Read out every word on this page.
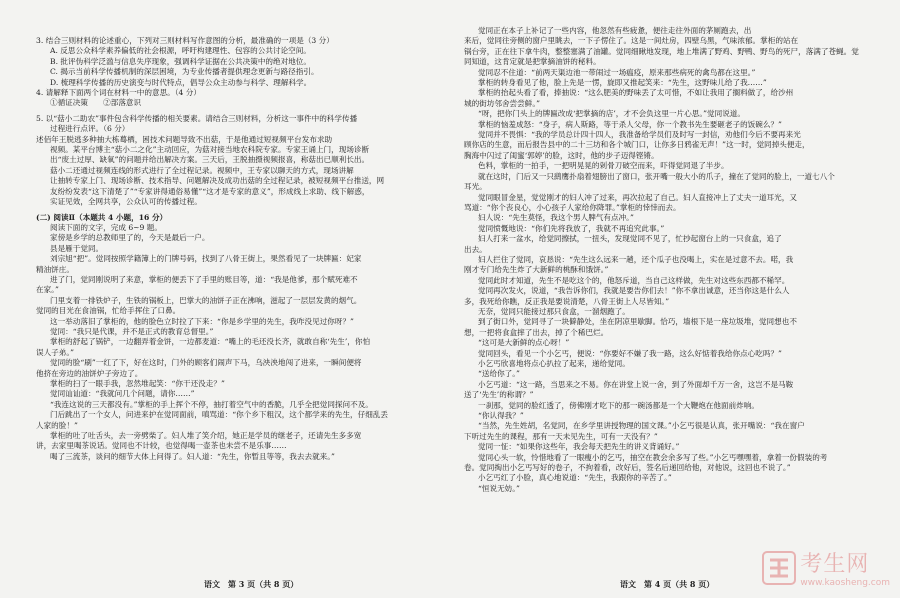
3. 结合三则材料的论述重心，下列对三则材料写作意图的分析，最准确的一项是（3 分）
A. 反思公众科学素养偏低的社会根源，呼吁构建理性、包容的公共讨论空间。
B. 批评伪科学泛滥与信息失序现象，强调科学证据在公共决策中的绝对地位。
C. 揭示当前科学传播机制的深层困境，为专业传播者提供理念更新与路径指引。
D. 梳理科学传播的历史演变与时代特点，倡导公众主动参与科学、理解科学。
4. 请解释下面两个词在材料一中的意思。（4 分）
①循证决策　　②部落意识
5. 以“菇小二助农”事件包含科学传播的相关要素。请结合三则材料，分析这一事件中的科学传播
过程进行点评。（6 分）
述佰年王脱逃多种抽大栋蓦栖，困技术问题导致不出菇，于是他通过短视频平台发布求助
视频。某平台博主“菇小二之化”主动回应，为菇对接当地农科院专家。专家王诵上门，现场诊断
出“废土过厚、缺氧”的问题并给出解决方案。三天后，王脱抽摄视频报喜，称菇出已顺利长出。
菇小二还通过视频连线的形式进行了全过程记录。视频中，王专家以聊天的方式，现场讲解
让抽转专家上门、现场诊断、技术指导、问题解决及成功出菇的全过程记录，被短视频平台推送，网
友纷纷发表“这下清楚了”“专家讲得通俗易懂”“这才是专家的意义”，形成线上求助、线下解惑，
实证见效，全网共享，公众认可的传播过程。
(二) 阅读Ⅱ（本题共 4 小题，16 分）
阅读下面的文字，完成 6~9 题。
家傍是乡学的总教师里了的，今天是最后一户。
县是雁于觉同。
刘宗旭“把”。觉同按照学籍簿上的门牌号码，找到了八骨王街上，果然看见了一块牌匾：妃家
精油饼庄。
进了门，觉同刚说明了来意，掌柜的便丢下了手里的账目等，道：“我是他爹，那个赋死难不
在家。”
门里支着一排铁炉子，生铁的锅板上，巴掌大的油饼子正在沸响，滋起了一层层发黄的烟气。
觉同的目光在食油锅，忙给手挥住了口鼻。
这一举动落旧了掌柜的，他的脸色立时拉了下来：“你是乡学里的先生，我咋没见过你呀？”
觉同：“我只是代课，并不是正式的教育总督里。”
掌柜的舒起了锅铲，一边翻弄着金饼，一边都麦道：“嘴上的毛还没长齐，就敢自称‘先生’，你怕
误人子弟。”
觉同的脸“刷”一红了下，好在这时，门外的顾客们闹声下马，乌泱泱地闯了进来，一瞬间便将
他挤在旁边的油饼炉子旁边了。
掌柜的扫了一眼手我，忽然堆起笑：“你干还没走？”
觉同讪讪道：“我就问几个问题，请你……”
“我连这说的三天都没有。”掌柜的手上挥个不停，抽打着空气中的香脆，几乎全把觉同探问不及。
门后跳出了一个女人，问进来护在觉同面前，嗔骂道：“你个乡下粗汉，这个都学来的先生，仔细乱丢
人家的脸！”
掌柜的吐了吐舌头，去一旁劈柴了。妇人堆了笑介绍，她正是学员的继老子，还请先生多多宽
讲，去家里喝茶说话。觉同也不计较，也觉得喝一壶茶也未尝不是乐事……
喝了三流茶，谈问的细节大体上问得了。妇人道：“先生，你暂且等等，我去去就来。”
语文　第 3 页（共 8 页）
觉同正在本子上补记了一些内容，他忽然有些疲惫，便往走往外面的茅厕跑去，出
来后，觉同往旁侧的窗户里眺去，一下子愣住了。这是一间灶房，四壁乌黑，气味浓郁。掌柜的站在
锅台旁，正在往下拿牛肉，整整塞满了油罐。觉同细瞅地发现，地上堆满了野鸡、野鸭、野鸟的死尸，落满了苍蝇。觉
同知道，这肯定就是把掌摘油饼的秘料。
觉同忍不住道：“前两天渠边池一带闹过一场瘟疫，原来那些病死的禽鸟都在这里。”
掌柜的转身看见了他，脸上先是一愣，旋即又推起笑来：“先生，这野味儿给了我……”
掌柜的抬起头看了看，捧抽说：“这么肥美的野味丢了太可惜，不如让我用了搁料做了，给沙州
城的街坊邻舍尝尝鲜。”
“呀，把你门头上的牌匾改成‘把掌摘的店’，才不会负这里一片心思。”觉同说道。
掌柜的恼羞成怒：“身子，病人斯路，等于杀人父母，你一个教书先生要砸老子的饭碗么？”
觉同并不畏惧：“我的学员总计四十四人，我准备给学员们及时写一封信，劝他们今后不要再来光
顾你店的生意，而后报告县中的二十三坊和各个城门口，让你多日鸦雀无声！”这一时，觉同掉头便走，
胸海中闪过了闺蜜‘郭婷’的脸，这时，他的步子迈得铿锵。
色料，掌柜的一拍手，一把明晃晃的剁骨刀破空而来，吓得觉同退了半步。
就在这时，门后又一只鹞鹰扑扇着翅膀出了窗口，张开嘴一般大小的爪子，撞在了觉同的脸上，一道七八个
耳光。
觉同眼冒金星，觉觉刚才的妇人冲了过来，再次拉起了自己。妇人直接冲上了丈夫一道耳光，又
骂道：“你个丧良心，小心孩子人家给你降罪。”掌柜的悻悻而去。
妇人说：“先生莫怪，我这个男人脾气有点冲。”
觉同愤慨地说：“你们先将我放了，我就不再追究此事。”
妇人打来一盆水，给觉同擦拭，一扭头，发现觉同不见了，忙抄起窗台上的一只食盒，追了
出去。
妇人拦住了觉同，哀恳说：“先生这么远来一趟，还个瓜子也没喝上，实在是过意不去。喏，我
刚才专门给先生炸了大新鲜的桃酥和饿饼。”
觉同此时才知道，先生不是吃这个的，他怒斥道，当自己这样做，先生对这些东西都不稀罕。
觉同再次发火，说道，“我告诉你们，我就是要告你们去！”你不拿出诚意，还当你这是什么人
多，我死给你瞧，反正我是要说清楚，八骨王街上人尽皆知。”
无奈，觉同只能接过那只食盒，一溜烟跑了。
到了街口外，觉同寻了一块僻静处，坐在阴凉里歇脚。恰巧，墙根下是一座垃圾堆，觉同想也不
想，一把将食盒摔了出去，掉了个稀巴烂。
“这可是大新鲜的点心呀！”
觉同回头，看见一个小乞丐，便说：“你要好不嫌了我一路，这么好惦着我给你点心吃吗？”
小乞丐欣喜地将点心扒拉了起来，递给觉同。
“送给你了。”
小乞丐道：“这一路，当思来之不易。你在讲堂上说一舍，到了外面却千万一舍，这岂不是马鞍
送了‘先生’的称谓？”
一刹那，觉同的脸红透了，傍佛刚才吃下的那一碗汤都是一个大鞭炮在他面前炸响。
“你认得我？”
“当然，先生姓胡，名觉同，在乡学里讲授物理的国文课。”小乞丐很是认真，张开嘴说：“我在窗户
下听过先生的课程，那有一天未见先生，可有一天没有？”
觉同一怔：“如果你这些年，我会每天把先生的讲义背诵好。”
觉同心头一软，怜惜地看了一眼瘦小的乞丐，抽空在教会余多写了些。”小乞丐嘿嘿着，拿着一份假装的考
卷。觉同掏出小乞丐写好的卷子，不拘着看，改好后，签名后递回给他，对他说，这回也不说了。”
小乞丐红了小脸，真心地说道：“先生，我跟你的辛苦了。”
“恒说无妨。”
语文　第 4 页（共 8 页）
考生网
www.kaosheng.com
